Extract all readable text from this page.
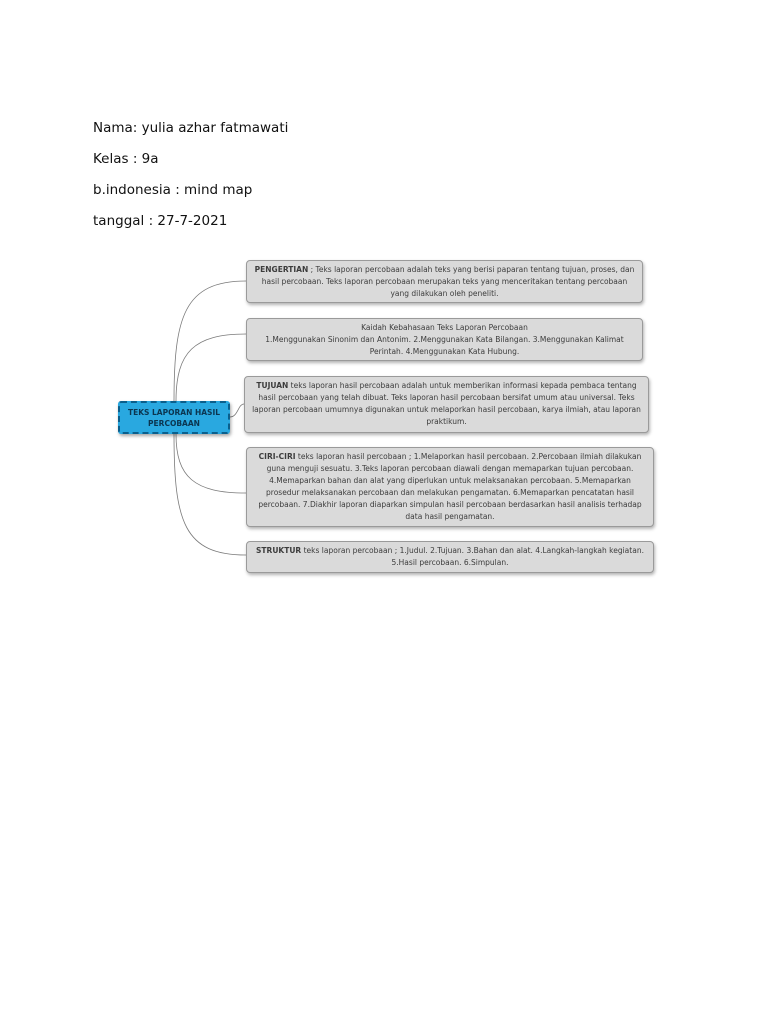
Nama: yulia azhar fatmawati
Kelas : 9a
b.indonesia : mind map
tanggal : 27-7-2021
TEKS LAPORAN HASIL PERCOBAAN
PENGERTIAN ; Teks laporan percobaan adalah teks yang berisi paparan tentang tujuan, proses, dan hasil percobaan. Teks laporan percobaan merupakan teks yang menceritakan tentang percobaan yang dilakukan oleh peneliti.
Kaidah Kebahasaan Teks Laporan Percobaan
1.Menggunakan Sinonim dan Antonim. 2.Menggunakan Kata Bilangan. 3.Menggunakan Kalimat Perintah. 4.Menggunakan Kata Hubung.
TUJUAN teks laporan hasil percobaan adalah untuk memberikan informasi kepada pembaca tentang hasil percobaan yang telah dibuat. Teks laporan hasil percobaan bersifat umum atau universal. Teks laporan percobaan umumnya digunakan untuk melaporkan hasil percobaan, karya ilmiah, atau laporan praktikum.
CIRI-CIRI teks laporan hasil percobaan ; 1.Melaporkan hasil percobaan. 2.Percobaan ilmiah dilakukan guna menguji sesuatu. 3.Teks laporan percobaan diawali dengan memaparkan tujuan percobaan. 4.Memaparkan bahan dan alat yang diperlukan untuk melaksanakan percobaan. 5.Memaparkan prosedur melaksanakan percobaan dan melakukan pengamatan. 6.Memaparkan pencatatan hasil percobaan. 7.Diakhir laporan diaparkan simpulan hasil percobaan berdasarkan hasil analisis terhadap data hasil pengamatan.
STRUKTUR teks laporan percobaan ; 1.Judul. 2.Tujuan. 3.Bahan dan alat. 4.Langkah-langkah kegiatan. 5.Hasil percobaan. 6.Simpulan.
